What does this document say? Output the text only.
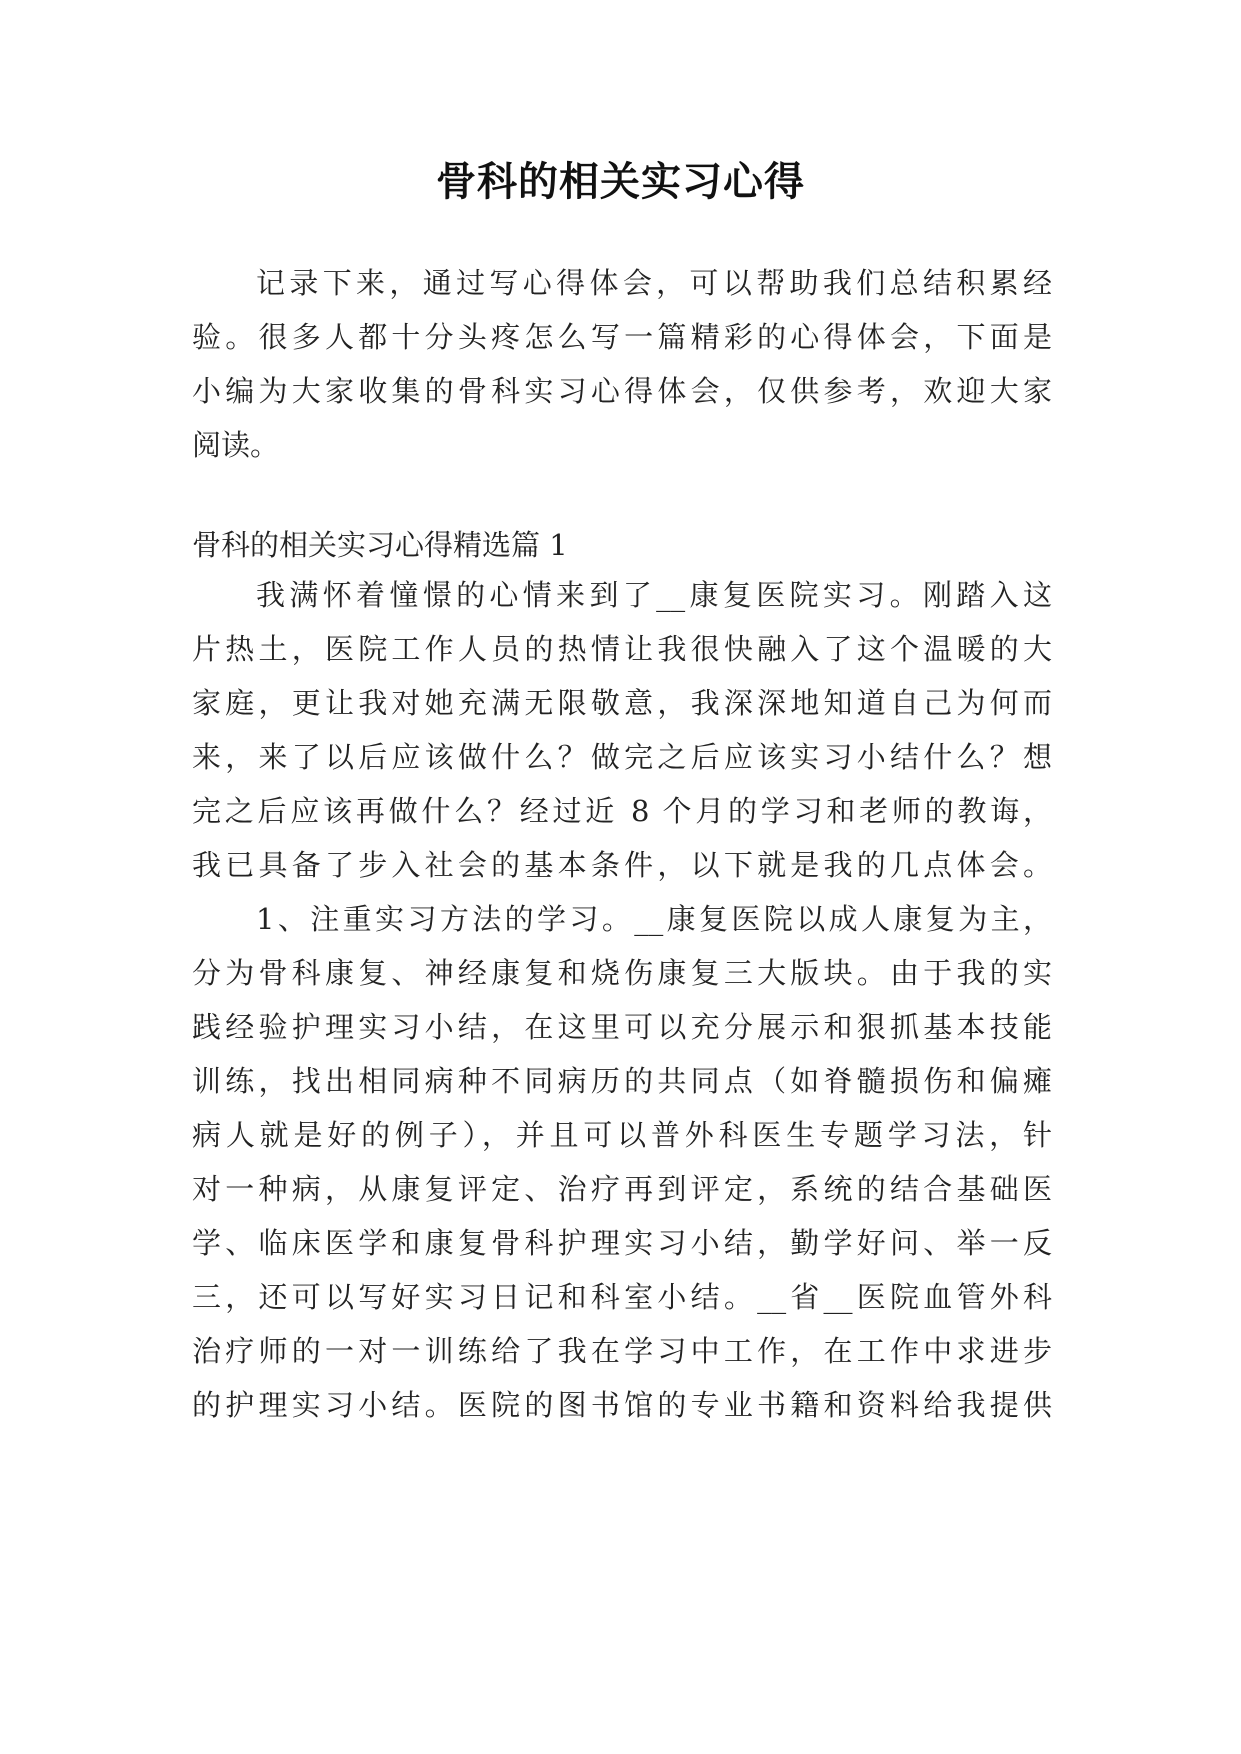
骨科的相关实习心得
记录下来，通过写心得体会，可以帮助我们总结积累经
验。很多人都十分头疼怎么写一篇精彩的心得体会，下面是
小编为大家收集的骨科实习心得体会，仅供参考，欢迎大家
阅读。
骨科的相关实习心得精选篇 1
我满怀着憧憬的心情来到了__康复医院实习。刚踏入这
片热土，医院工作人员的热情让我很快融入了这个温暖的大
家庭，更让我对她充满无限敬意，我深深地知道自己为何而
来，来了以后应该做什么？做完之后应该实习小结什么？想
完之后应该再做什么？经过近 8 个月的学习和老师的教诲，
我已具备了步入社会的基本条件，以下就是我的几点体会。
1、注重实习方法的学习。__康复医院以成人康复为主，
分为骨科康复、神经康复和烧伤康复三大版块。由于我的实
践经验护理实习小结，在这里可以充分展示和狠抓基本技能
训练，找出相同病种不同病历的共同点（如脊髓损伤和偏瘫
病人就是好的例子），并且可以普外科医生专题学习法，针
对一种病，从康复评定、治疗再到评定，系统的结合基础医
学、临床医学和康复骨科护理实习小结，勤学好问、举一反
三，还可以写好实习日记和科室小结。__省__医院血管外科
治疗师的一对一训练给了我在学习中工作，在工作中求进步
的护理实习小结。医院的图书馆的专业书籍和资料给我提供
